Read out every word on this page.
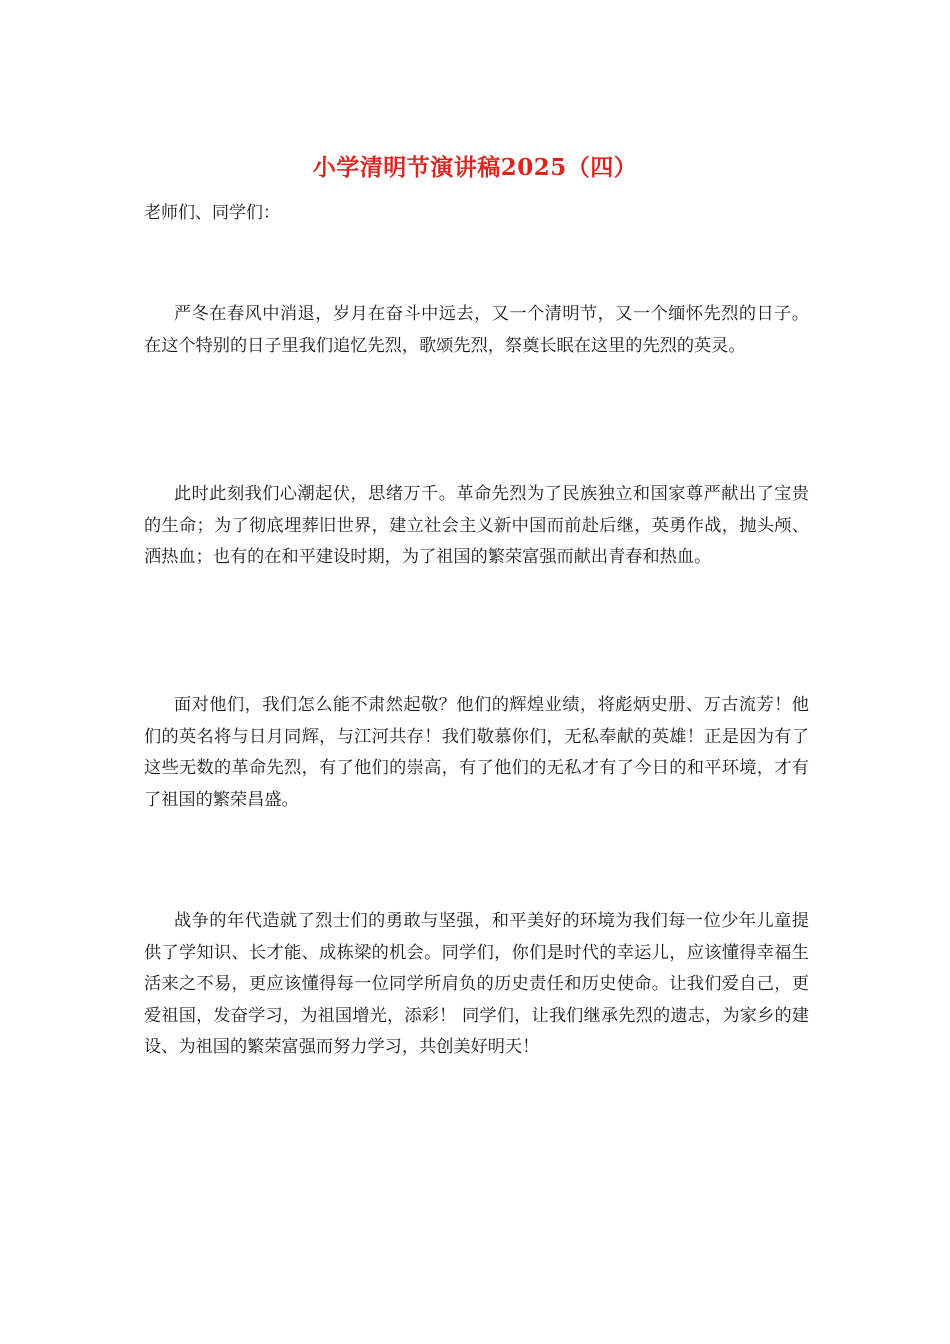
小学清明节演讲稿2025（四）
老师们、同学们：

严冬在春风中消退，岁月在奋斗中远去，又一个清明节，又一个缅怀先烈的日子。在这个特别的日子里我们追忆先烈，歌颂先烈，祭奠长眠在这里的先烈的英灵。

此时此刻我们心潮起伏，思绪万千。革命先烈为了民族独立和国家尊严献出了宝贵的生命；为了彻底埋葬旧世界，建立社会主义新中国而前赴后继，英勇作战，抛头颅、洒热血；也有的在和平建设时期，为了祖国的繁荣富强而献出青春和热血。

面对他们，我们怎么能不肃然起敬？他们的辉煌业绩，将彪炳史册、万古流芳！他们的英名将与日月同辉，与江河共存！我们敬慕你们，无私奉献的英雄！正是因为有了这些无数的革命先烈，有了他们的崇高，有了他们的无私才有了今日的和平环境，才有了祖国的繁荣昌盛。

战争的年代造就了烈士们的勇敢与坚强，和平美好的环境为我们每一位少年儿童提供了学知识、长才能、成栋梁的机会。同学们，你们是时代的幸运儿，应该懂得幸福生活来之不易，更应该懂得每一位同学所肩负的历史责任和历史使命。让我们爱自己，更爱祖国，发奋学习，为祖国增光，添彩！ 同学们，让我们继承先烈的遗志，为家乡的建设、为祖国的繁荣富强而努力学习，共创美好明天！
